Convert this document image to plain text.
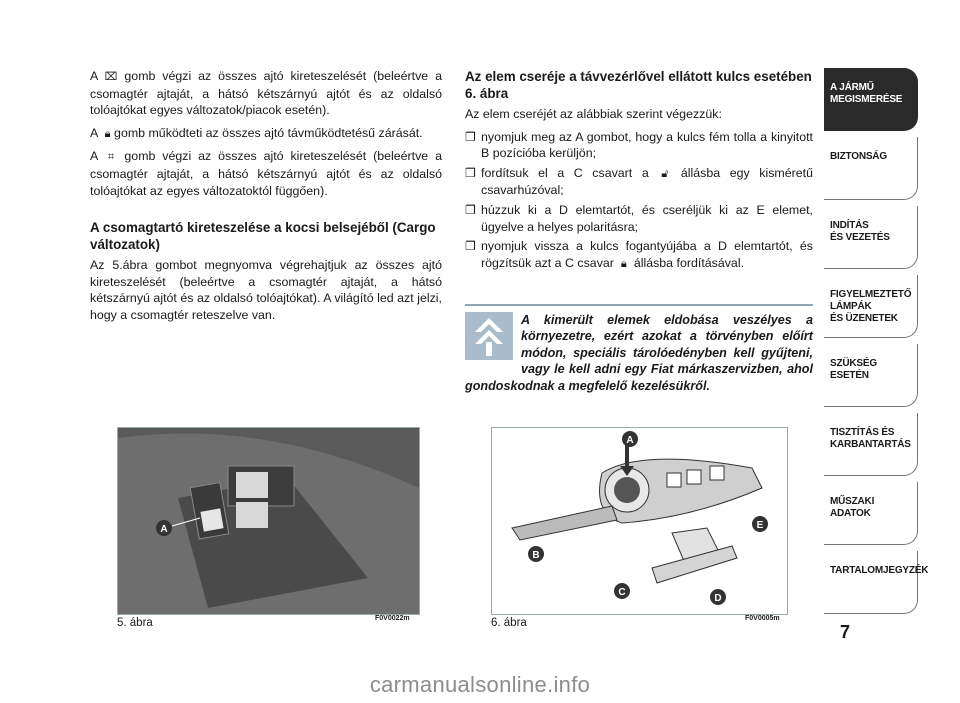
A ⌧ gomb végzi az összes ajtó kireteszelését (beleértve a csomagtér ajtaját, a hátsó kétszárnyú ajtót és az oldalsó tolóajtókat egyes változatok/piacok esetén).

A 🔒︎ gomb működteti az összes ajtó távműködtetésű zárását.

A ⌗ gomb végzi az összes ajtó kireteszelését (beleértve a csomagtér ajtaját, a hátsó kétszárnyú ajtót és az oldalsó tolóajtókat az egyes változatoktól függően).

A csomagtartó kireteszelése a kocsi belsejéből (Cargo változatok)

Az 5.ábra gombot megnyomva végrehajtjuk az összes ajtó kireteszelését (beleértve a csomagtér ajtaját, a hátsó kétszárnyú ajtót és az oldalsó tolóajtókat). A világító led azt jelzi, hogy a csomagtér reteszelve van.

Az elem cseréje a távvezérlővel ellátott kulcs esetében 6. ábra

Az elem cseréjét az alábbiak szerint végezzük:

❒ nyomjuk meg az A gombot, hogy a kulcs fém tolla a kinyitott B pozícióba kerüljön;
❒ fordítsuk el a C csavart a 🔓︎ állásba egy kisméretű csavarhúzóval;
❒ húzzuk ki a D elemtartót, és cseréljük ki az E elemet, ügyelve a helyes polaritásra;
❒ nyomjuk vissza a kulcs fogantyújába a D elemtartót, és rögzítsük azt a C csavar 🔒︎ állásba fordításával.
A kimerült elemek eldobása veszélyes a környezetre, ezért azokat a törvényben előírt módon, speciális tárolóedényben kell gyűjteni, vagy le kell adni egy Fiat márkaszervizben, ahol gondoskodnak a megfelelő kezelésükről.
A
5. ábra	F0V0022m
A
B
C
D
E
6. ábra	F0V0005m
A JÁRMŰ
MEGISMERÉSE
BIZTONSÁG
INDÍTÁS
ÉS VEZETÉS
FIGYELMEZTETŐ
LÁMPÁK
ÉS ÜZENETEK
SZÜKSÉG
ESETÉN
TISZTÍTÁS ÉS
KARBANTARTÁS
MŰSZAKI
ADATOK
TARTALOMJEGYZÉK
7
carmanualsonline.info
